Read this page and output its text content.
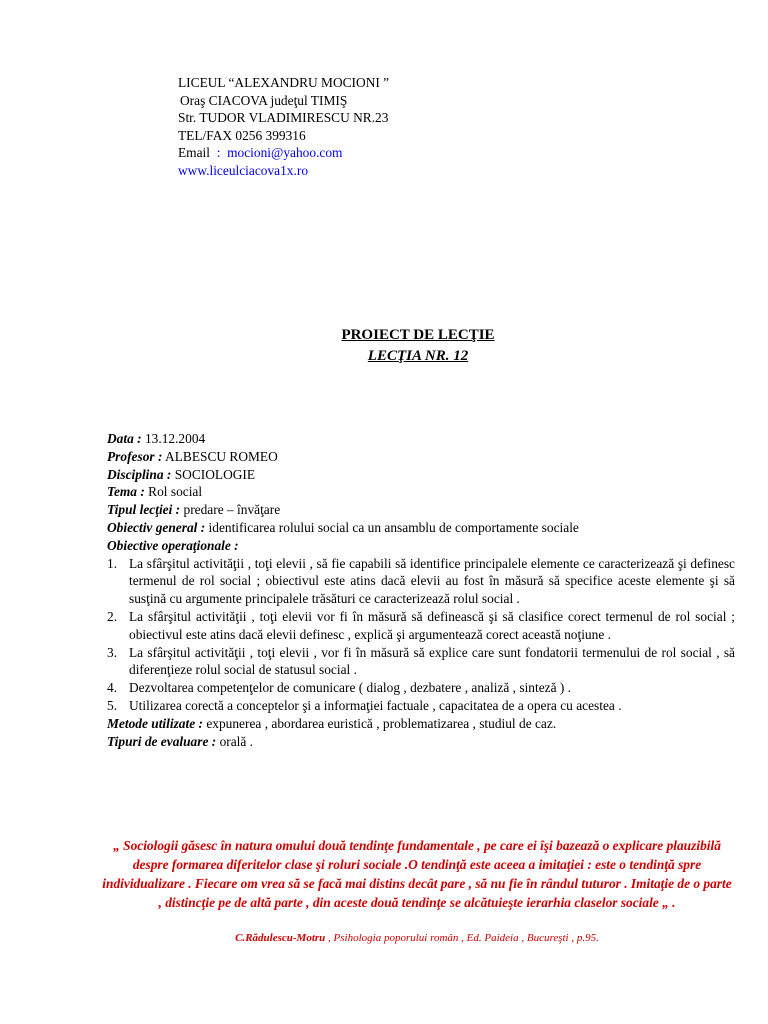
LICEUL “ALEXANDRU MOCIONI ”
Oraş CIACOVA judeţul TIMIŞ
Str. TUDOR VLADIMIRESCU NR.23
TEL/FAX 0256 399316
Email : mocioni@yahoo.com
www.liceulciacova1x.ro
PROIECT DE LECŢIE
LECŢIA NR. 12
Data : 13.12.2004
Profesor : ALBESCU ROMEO
Disciplina : SOCIOLOGIE
Tema : Rol social
Tipul lecţiei : predare – învăţare
Obiectiv general : identificarea rolului social ca un ansamblu de comportamente sociale
Obiective operaţionale :
1. La sfârşitul activităţii , toţi elevii , să fie capabili să identifice principalele elemente ce caracterizează şi definesc termenul de rol social ; obiectivul este atins dacă elevii au fost în măsură să specifice aceste elemente şi să susţină cu argumente principalele trăsături ce caracterizează rolul social .
2. La sfârşitul activităţii , toţi elevii vor fi în măsură să definească şi să clasifice corect termenul de rol social ; obiectivul este atins dacă elevii definesc , explică şi argumentează corect această noţiune .
3. La sfârşitul activităţii , toţi elevii , vor fi în măsură să explice care sunt fondatorii termenului de rol social , să diferenţieze rolul social de statusul social .
4. Dezvoltarea competenţelor de comunicare ( dialog , dezbatere , analiză , sinteză ) .
5. Utilizarea corectă a conceptelor şi a informaţiei factuale , capacitatea de a opera cu acestea .
Metode utilizate : expunerea , abordarea euristică , problematizarea , studiul de caz.
Tipuri de evaluare : orală .
„ Sociologii găsesc în natura omului două tendinţe fundamentale , pe care ei îşi bazează o explicare plauzibilă despre formarea diferitelor clase şi roluri sociale .O tendinţă este aceea a imitaţiei : este o tendinţă spre individualizare . Fiecare om vrea să se facă mai distins decât pare , să nu fie în rândul tuturor . Imitaţie de o parte , distincţie pe de altă parte , din aceste două tendinţe se alcătuieşte ierarhia claselor sociale „ .
C.Rădulescu-Motru , Psihologia poporului român , Ed. Paideia , Bucureşti , p.95.
